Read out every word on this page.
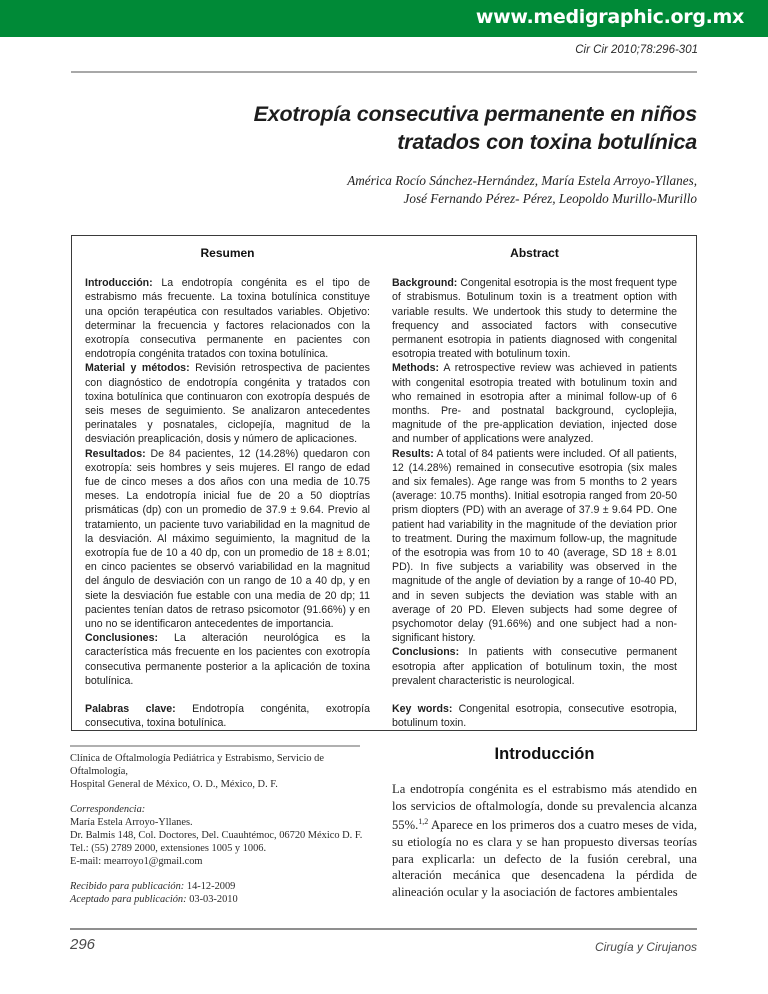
www.medigraphic.org.mx
Cir Cir 2010;78:296-301
Exotropía consecutiva permanente en niños
tratados con toxina botulínica
América Rocío Sánchez-Hernández, María Estela Arroyo-Yllanes,
José Fernando Pérez- Pérez, Leopoldo Murillo-Murillo
Resumen

Introducción: La endotropía congénita es el tipo de estrabismo más frecuente. La toxina botulínica constituye una opción terapéutica con resultados variables. Objetivo: determinar la frecuencia y factores relacionados con la exotropía consecutiva permanente en pacientes con endotropía congénita tratados con toxina botulínica.

Material y métodos: Revisión retrospectiva de pacientes con diagnóstico de endotropía congénita y tratados con toxina botulínica que continuaron con exotropía después de seis meses de seguimiento. Se analizaron antecedentes perinatales y posnatales, ciclopejía, magnitud de la desviación preaplicación, dosis y número de aplicaciones.

Resultados: De 84 pacientes, 12 (14.28%) quedaron con exotropía: seis hombres y seis mujeres. El rango de edad fue de cinco meses a dos años con una media de 10.75 meses. La endotropía inicial fue de 20 a 50 dioptrías prismáticas (dp) con un promedio de 37.9 ± 9.64. Previo al tratamiento, un paciente tuvo variabilidad en la magnitud de la desviación. Al máximo seguimiento, la magnitud de la exotropía fue de 10 a 40 dp, con un promedio de 18 ± 8.01; en cinco pacientes se observó variabilidad en la magnitud del ángulo de desviación con un rango de 10 a 40 dp, y en siete la desviación fue estable con una media de 20 dp; 11 pacientes tenían datos de retraso psicomotor (91.66%) y en uno no se identificaron antecedentes de importancia.

Conclusiones: La alteración neurológica es la característica más frecuente en los pacientes con exotropía consecutiva permanente posterior a la aplicación de toxina botulínica.

Palabras clave: Endotropía congénita, exotropía consecutiva, toxina botulínica.

Abstract

Background: Congenital esotropia is the most frequent type of strabismus. Botulinum toxin is a treatment option with variable results. We undertook this study to determine the frequency and associated factors with consecutive permanent esotropia in patients diagnosed with congenital esotropia treated with botulinum toxin.

Methods: A retrospective review was achieved in patients with congenital esotropia treated with botulinum toxin and who remained in esotropia after a minimal follow-up of 6 months. Pre- and postnatal background, cycloplejia, magnitude of the pre-application deviation, injected dose and number of applications were analyzed.

Results: A total of 84 patients were included. Of all patients, 12 (14.28%) remained in consecutive esotropia (six males and six females). Age range was from 5 months to 2 years (average: 10.75 months). Initial esotropia ranged from 20-50 prism diopters (PD) with an average of 37.9 ± 9.64 PD. One patient had variability in the magnitude of the deviation prior to treatment. During the maximum follow-up, the magnitude of the esotropia was from 10 to 40 (average, SD 18 ± 8.01 PD). In five subjects a variability was observed in the magnitude of the angle of deviation by a range of 10-40 PD, and in seven subjects the deviation was stable with an average of 20 PD. Eleven subjects had some degree of psychomotor delay (91.66%) and one subject had a non-significant history.

Conclusions: In patients with consecutive permanent esotropia after application of botulinum toxin, the most prevalent characteristic is neurological.

Key words: Congenital esotropia, consecutive esotropia, botulinum toxin.

Clínica de Oftalmología Pediátrica y Estrabismo, Servicio de Oftalmología,
Hospital General de México, O. D., México, D. F.
Correspondencia:
María Estela Arroyo-Yllanes.
Dr. Balmis 148, Col. Doctores, Del. Cuauhtémoc, 06720 México D. F.
Tel.: (55) 2789 2000, extensiones 1005 y 1006.
E-mail: mearroyo1@gmail.com
Recibido para publicación: 14-12-2009
Aceptado para publicación: 03-03-2010
Introducción
La endotropía congénita es el estrabismo más atendido en los servicios de oftalmología, donde su prevalencia alcanza 55%.$^{1,2}$ Aparece en los primeros dos a cuatro meses de vida, su etiología no es clara y se han propuesto diversas teorías para explicarla: un defecto de la fusión cerebral, una alteración mecánica que desencadena la pérdida de alineación ocular y la asociación de factores ambientales
296	Cirugía y Cirujanos
